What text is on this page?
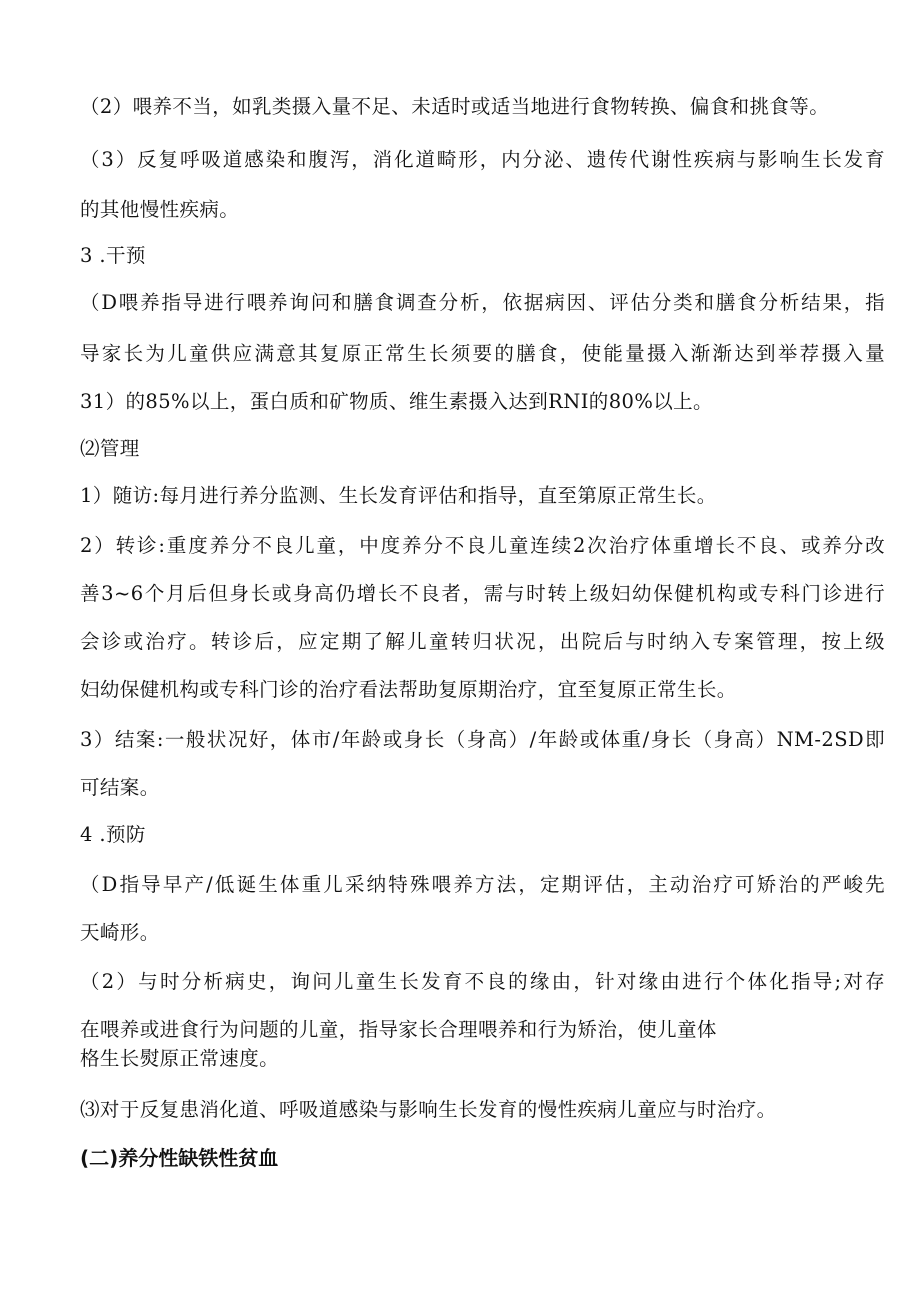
（2）喂养不当，如乳类摄入量不足、未适时或适当地进行食物转换、偏食和挑食等。
（3）反复呼吸道感染和腹泻，消化道畸形，内分泌、遗传代谢性疾病与影响生长发育
的其他慢性疾病。
3 .干预
（D喂养指导进行喂养询问和膳食调查分析，依据病因、评估分类和膳食分析结果，指
导家长为儿童供应满意其复原正常生长须要的膳食，使能量摄入渐渐达到举荐摄入量
31）的85%以上，蛋白质和矿物质、维生素摄入达到RNI的80%以上。
⑵管理
1）随访:每月进行养分监测、生长发育评估和指导，直至第原正常生长。
2）转诊:重度养分不良儿童，中度养分不良儿童连续2次治疗体重增长不良、或养分改
善3~6个月后但身长或身高仍增长不良者，需与时转上级妇幼保健机构或专科门诊进行
会诊或治疗。转诊后，应定期了解儿童转归状况，出院后与时纳入专案管理，按上级
妇幼保健机构或专科门诊的治疗看法帮助复原期治疗，宜至复原正常生长。
3）结案:一般状况好，体市/年龄或身长（身高）/年龄或体重/身长（身高）NM-2SD即
可结案。
4 .预防
（D指导早产/低诞生体重儿采纳特殊喂养方法，定期评估，主动治疗可矫治的严峻先
天崎形。
（2）与时分析病史，询问儿童生长发育不良的缘由，针对缘由进行个体化指导;对存
在喂养或进食行为问题的儿童，指导家长合理喂养和行为矫治，使儿童体
格生长熨原正常速度。
⑶对于反复患消化道、呼吸道感染与影响生长发育的慢性疾病儿童应与时治疗。
(二)养分性缺铁性贫血
